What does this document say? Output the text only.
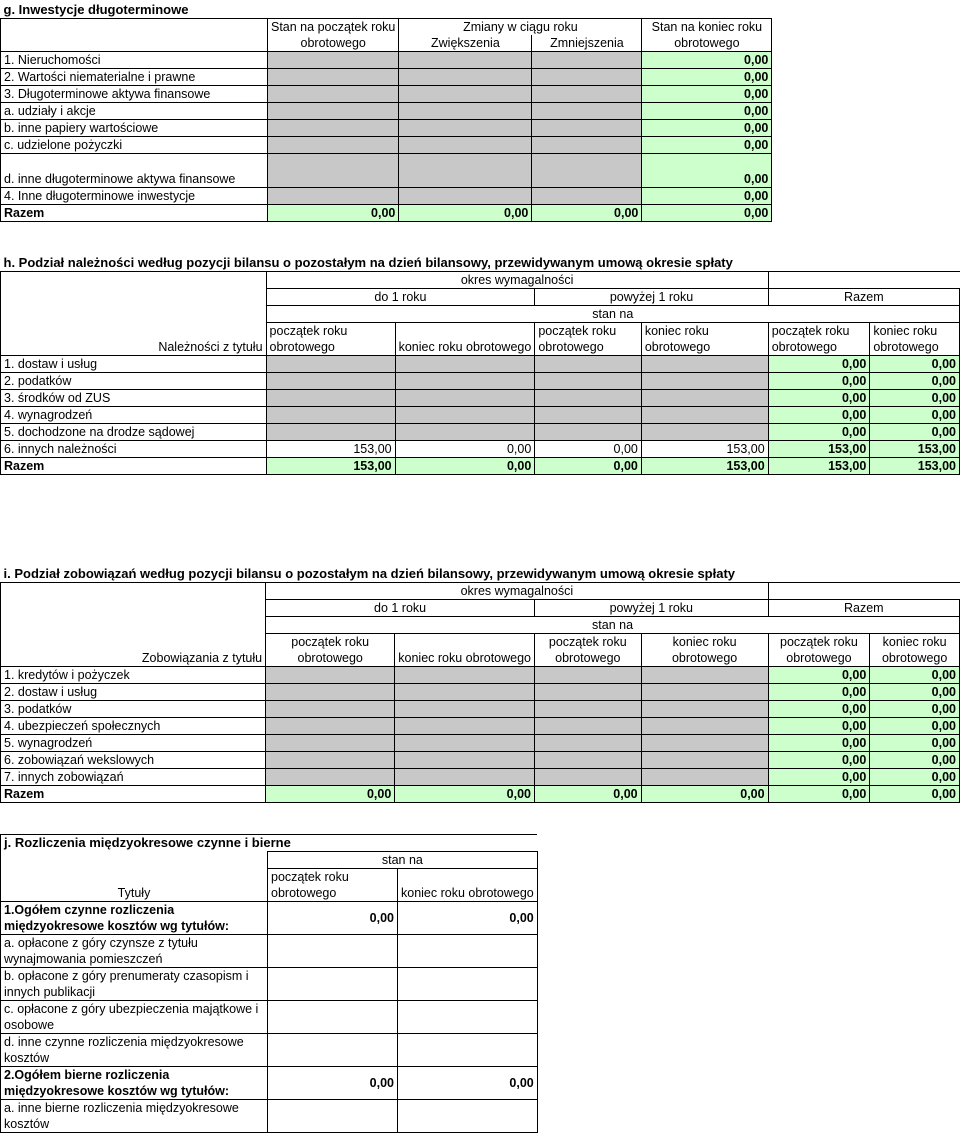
g. Inwestycje długoterminowe				
	Stan na początek roku	Zmiany w ciągu roku		Stan na koniec roku
	obrotowego	Zwiększenia	Zmniejszenia	obrotowego
1. Nieruchomości				0,00
2. Wartości niematerialne i prawne				0,00
3. Długoterminowe aktywa finansowe				0,00
a. udziały i akcje				0,00
b. inne papiery wartościowe				0,00
c. udzielone pożyczki				0,00
d. inne długoterminowe aktywa finansowe				0,00
4. Inne długoterminowe inwestycje				0,00
Razem	0,00	0,00	0,00	0,00
h. Podział należności według pozycji bilansu o pozostałym na dzień bilansowy, przewidywanym umową okresie spłaty						
	okres wymagalności					
	do 1 roku		powyżej 1 roku		Razem	
	stan na					
	początek roku		początek roku	koniec roku	początek roku	koniec roku
Należności z tytułu	obrotowego	koniec roku obrotowego	obrotowego	obrotowego	obrotowego	obrotowego
1. dostaw i usług					0,00	0,00
2. podatków					0,00	0,00
3. środków od ZUS					0,00	0,00
4. wynagrodzeń					0,00	0,00
5. dochodzone na drodze sądowej					0,00	0,00
6. innych należności	153,00	0,00	0,00	153,00	153,00	153,00
Razem	153,00	0,00	0,00	153,00	153,00	153,00
i. Podział zobowiązań według pozycji bilansu o pozostałym na dzień bilansowy, przewidywanym umową okresie spłaty						
	okres wymagalności					
	do 1 roku		powyżej 1 roku		Razem	
	stan na					
	początek roku		początek roku	koniec roku	początek roku	koniec roku
Zobowiązania z tytułu	obrotowego	koniec roku obrotowego	obrotowego	obrotowego	obrotowego	obrotowego
1. kredytów i pożyczek					0,00	0,00
2. dostaw i usług					0,00	0,00
3. podatków					0,00	0,00
4. ubezpieczeń społecznych					0,00	0,00
5. wynagrodzeń					0,00	0,00
6. zobowiązań wekslowych					0,00	0,00
7. innych zobowiązań					0,00	0,00
Razem	0,00	0,00	0,00	0,00	0,00	0,00
j. Rozliczenia międzyokresowe czynne i bierne		
	stan na	
	początek roku	
Tytuły	obrotowego	koniec roku obrotowego
1.Ogółem czynne rozliczenia międzyokresowe kosztów wg tytułów:	0,00	0,00
a. opłacone z góry czynsze z tytułu wynajmowania pomieszczeń		
b. opłacone z góry prenumeraty czasopism i innych publikacji		
c. opłacone z góry ubezpieczenia majątkowe i osobowe		
d. inne czynne rozliczenia międzyokresowe kosztów		
2.Ogółem bierne rozliczenia międzyokresowe kosztów wg tytułów:	0,00	0,00
a. inne bierne rozliczenia międzyokresowe kosztów		
